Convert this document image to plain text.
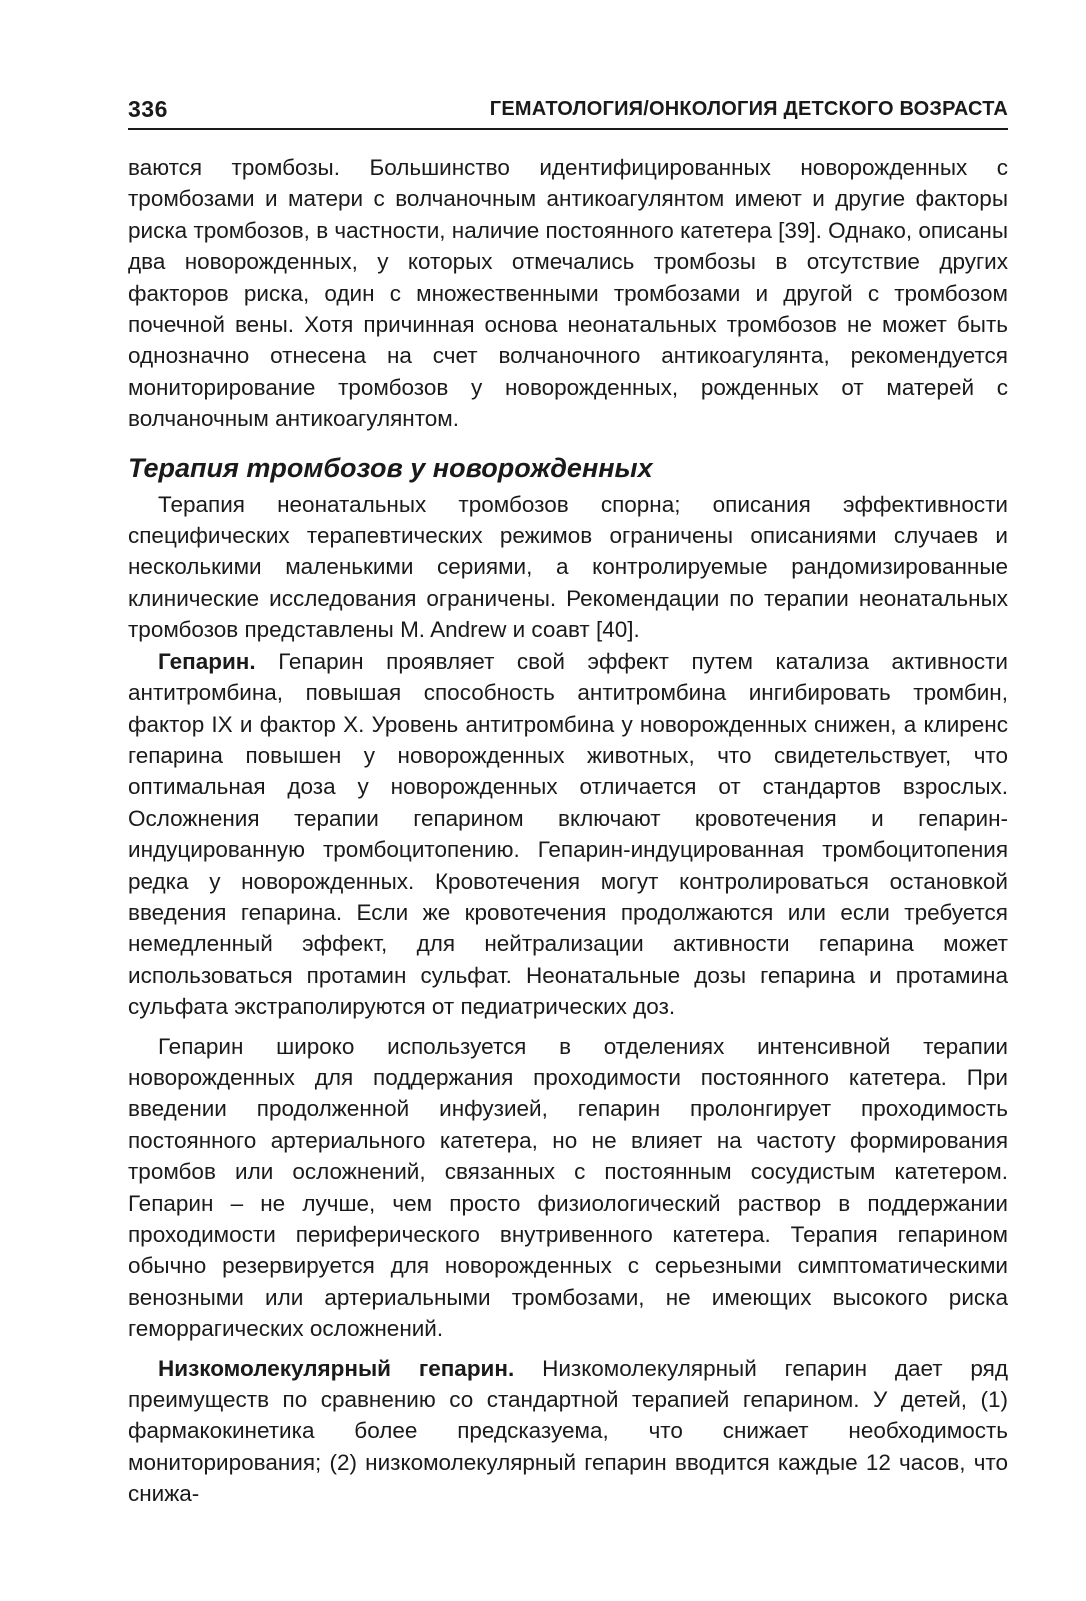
336	ГЕМАТОЛОГИЯ/ОНКОЛОГИЯ ДЕТСКОГО ВОЗРАСТА

ваются тромбозы. Большинство идентифицированных новорожденных с тромбозами и матери с волчаночным антикоагулянтом имеют и другие факторы риска тромбозов, в частности, наличие постоянного катетера [39]. Однако, описаны два новорожденных, у которых отмечались тромбозы в отсутствие других факторов риска, один с множественными тромбозами и другой с тромбозом почечной вены. Хотя причинная основа неонатальных тромбозов не может быть однозначно отнесена на счет волчаночного антикоагулянта, рекомендуется мониторирование тромбозов у новорожденных, рожденных от матерей с волчаночным антикоагулянтом.

Терапия тромбозов у новорожденных

Терапия неонатальных тромбозов спорна; описания эффективности специфических терапевтических режимов ограничены описаниями случаев и несколькими маленькими сериями, а контролируемые рандомизированные клинические исследования ограничены. Рекомендации по терапии неонатальных тромбозов представлены M. Andrew и соавт [40].

Гепарин. Гепарин проявляет свой эффект путем катализа активности антитромбина, повышая способность антитромбина ингибировать тромбин, фактор IX и фактор X. Уровень антитромбина у новорожденных снижен, а клиренс гепарина повышен у новорожденных животных, что свидетельствует, что оптимальная доза у новорожденных отличается от стандартов взрослых. Осложнения терапии гепарином включают кровотечения и гепарин-индуцированную тромбоцитопению. Гепарин-индуцированная тромбоцитопения редка у новорожденных. Кровотечения могут контролироваться остановкой введения гепарина. Если же кровотечения продолжаются или если требуется немедленный эффект, для нейтрализации активности гепарина может использоваться протамин сульфат. Неонатальные дозы гепарина и протамина сульфата экстраполируются от педиатрических доз.

Гепарин широко используется в отделениях интенсивной терапии новорожденных для поддержания проходимости постоянного катетера. При введении продолженной инфузией, гепарин пролонгирует проходимость постоянного артериального катетера, но не влияет на частоту формирования тромбов или осложнений, связанных с постоянным сосудистым катетером. Гепарин – не лучше, чем просто физиологический раствор в поддержании проходимости периферического внутривенного катетера. Терапия гепарином обычно резервируется для новорожденных с серьезными симптоматическими венозными или артериальными тромбозами, не имеющих высокого риска геморрагических осложнений.

Низкомолекулярный гепарин. Низкомолекулярный гепарин дает ряд преимуществ по сравнению со стандартной терапией гепарином. У детей, (1) фармакокинетика более предсказуема, что снижает необходимость мониторирования; (2) низкомолекулярный гепарин вводится каждые 12 часов, что снижа-
